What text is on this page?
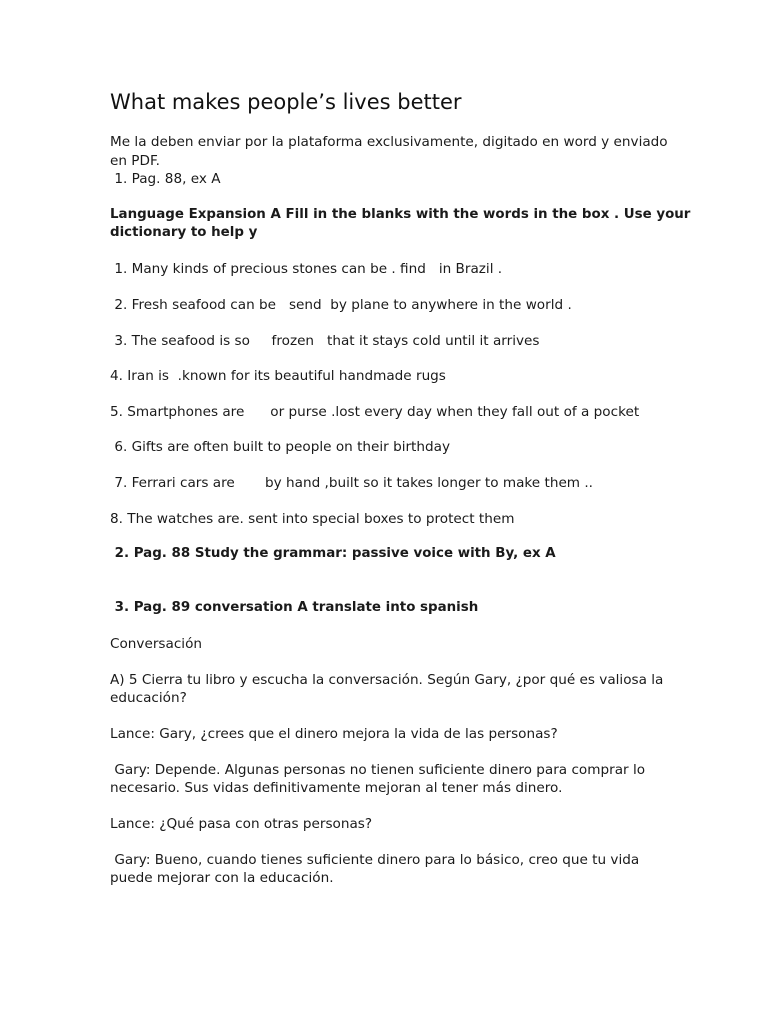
What makes people’s lives better
Me la deben enviar por la plataforma exclusivamente, digitado en word y enviado
en PDF.
1. Pag. 88, ex A
Language Expansion A Fill in the blanks with the words in the box . Use your
dictionary to help y
1. Many kinds of precious stones can be . find   in Brazil .
2. Fresh seafood can be   send  by plane to anywhere in the world .
3. The seafood is so     frozen   that it stays cold until it arrives
4. Iran is  .known for its beautiful handmade rugs
5. Smartphones are      or purse .lost every day when they fall out of a pocket
6. Gifts are often built to people on their birthday
7. Ferrari cars are       by hand ,built so it takes longer to make them ..
8. The watches are. sent into special boxes to protect them
2. Pag. 88 Study the grammar: passive voice with By, ex A
3. Pag. 89 conversation A translate into spanish
Conversación
A) 5 Cierra tu libro y escucha la conversación. Según Gary, ¿por qué es valiosa la
educación?
Lance: Gary, ¿crees que el dinero mejora la vida de las personas?
Gary: Depende. Algunas personas no tienen suficiente dinero para comprar lo
necesario. Sus vidas definitivamente mejoran al tener más dinero.
Lance: ¿Qué pasa con otras personas?
Gary: Bueno, cuando tienes suficiente dinero para lo básico, creo que tu vida
puede mejorar con la educación.
